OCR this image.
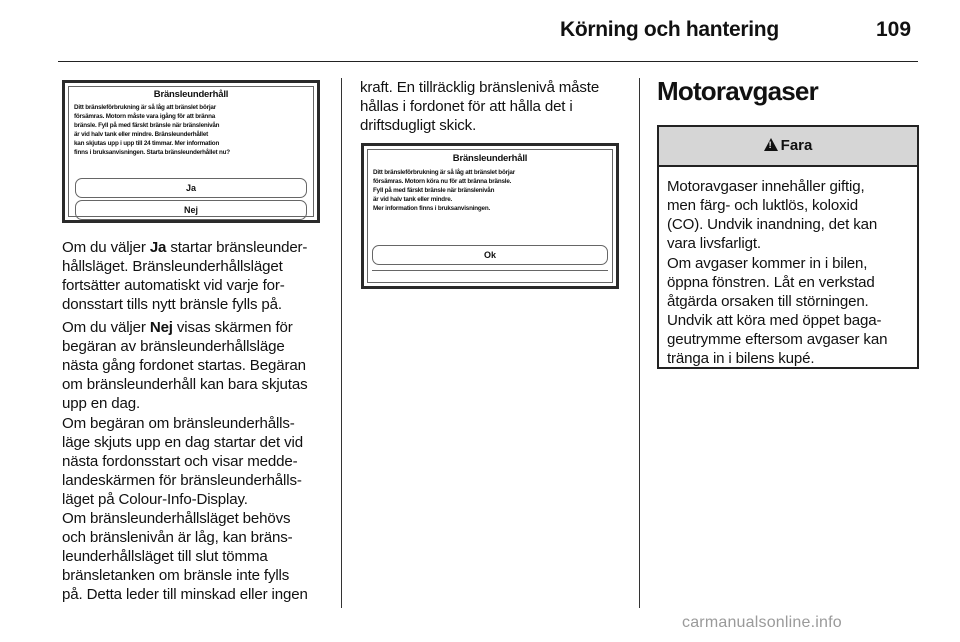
Körning och hantering	109
Bränsleunderhåll
Ditt bränsleförbrukning är så låg att bränslet börjar
försämras. Motorn måste vara igång för att bränna
bränsle. Fyll på med färskt bränsle när bränslenivån
är vid halv tank eller mindre. Bränsleunderhållet
kan skjutas upp i upp till 24 timmar. Mer information
finns i bruksanvisningen. Starta bränsleunderhållet nu?
Ja
Nej
Om du väljer Ja startar bränsleunder-
hållsläget. Bränsleunderhållsläget
fortsätter automatiskt vid varje for-
donsstart tills nytt bränsle fylls på.
Om du väljer Nej visas skärmen för
begäran av bränsleunderhållsläge
nästa gång fordonet startas. Begäran
om bränsleunderhåll kan bara skjutas
upp en dag.
Om begäran om bränsleunderhålls-
läge skjuts upp en dag startar det vid
nästa fordonsstart och visar medde-
landeskärmen för bränsleunderhålls-
läget på Colour-Info-Display.
Om bränsleunderhållsläget behövs
och bränslenivån är låg, kan bräns-
leunderhållsläget till slut tömma
bränsletanken om bränsle inte fylls
på. Detta leder till minskad eller ingen
kraft. En tillräcklig bränslenivå måste
hållas i fordonet för att hålla det i
driftsdugligt skick.
Bränsleunderhåll
Ditt bränsleförbrukning är så låg att bränslet börjar
försämras. Motorn köra nu för att bränna bränsle.
Fyll på med färskt bränsle när bränslenivån
är vid halv tank eller mindre.
Mer information finns i bruksanvisningen.
Ok
Motoravgaser
!Fara
Motoravgaser innehåller giftig,
men färg- och luktlös, koloxid
(CO). Undvik inandning, det kan
vara livsfarligt.
Om avgaser kommer in i bilen,
öppna fönstren. Låt en verkstad
åtgärda orsaken till störningen.
Undvik att köra med öppet baga-
geutrymme eftersom avgaser kan
tränga in i bilens kupé.
carmanualsonline.info
